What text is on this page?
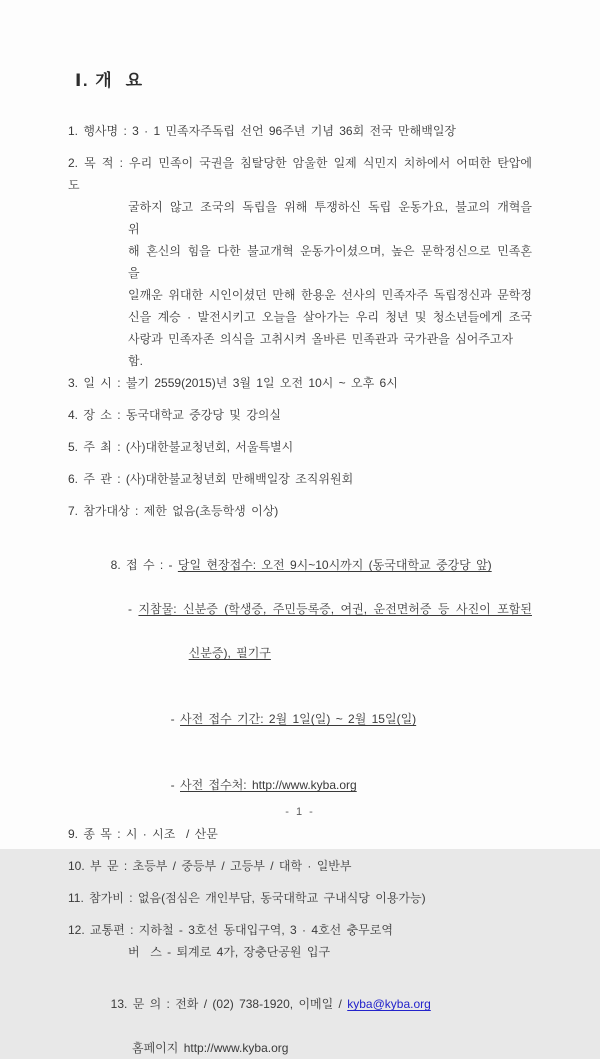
Ⅰ. 개  요
1. 행사명 : 3 · 1 민족자주독립 선언 96주년 기념 36회 전국 만해백일장
2. 목 적 : 우리 민족이 국권을 침탈당한 암울한 일제 식민지 치하에서 어떠한 탄압에도
굴하지 않고 조국의 독립을 위해 투쟁하신 독립 운동가요, 불교의 개혁을 위
해 혼신의 힘을 다한 불교개혁 운동가이셨으며, 높은 문학정신으로 민족혼을
일깨운 위대한 시인이셨던 만해 한용운 선사의 민족자주 독립정신과 문학정
신을 계승 · 발전시키고 오늘을 살아가는 우리 청년 및 청소년들에게 조국
사랑과 민족자존 의식을 고취시켜 올바른 민족관과 국가관을 심어주고자 함.
3. 일 시 : 불기 2559(2015)년 3월 1일 오전 10시 ~ 오후 6시
4. 장 소 : 동국대학교 중강당 및 강의실
5. 주 최 : (사)대한불교청년회, 서울특별시
6. 주 관 : (사)대한불교청년회 만해백일장 조직위원회
7. 참가대상 : 제한 없음(초등학생 이상)

8. 접 수 : - 당일 현장접수: 오전 9시~10시까지 (동국대학교 중강당 앞)

- 지참물: 신분증 (학생증, 주민등록증, 여권, 운전면허증 등 사진이 포함된

신분증), 필기구

- 사전 접수 기간: 2월 1일(일) ~ 2월 15일(일)

- 사전 접수처: http://www.kyba.org

9. 종 목 : 시 · 시조  / 산문
10. 부 문 : 초등부 / 중등부 / 고등부 / 대학 · 일반부
11. 참가비 : 없음(점심은 개인부담, 동국대학교 구내식당 이용가능)
12. 교통편 : 지하철 - 3호선 동대입구역, 3 · 4호선 충무로역
버  스 - 퇴계로 4가, 장충단공원 입구

13. 문 의 : 전화 / (02) 738-1920, 이메일 / kyba@kyba.org

홈페이지 http://www.kyba.org
- 1 -
